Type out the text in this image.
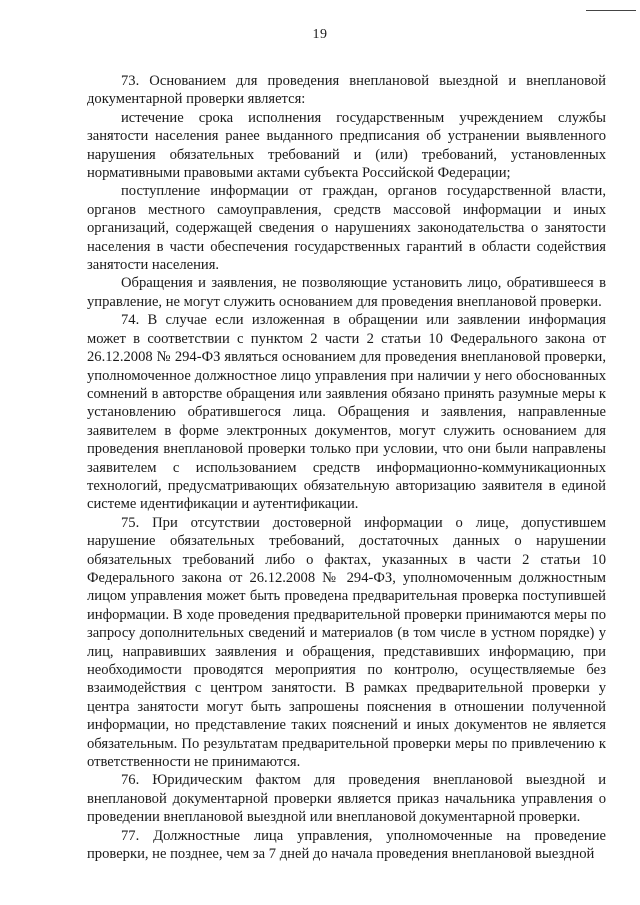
19

73. Основанием для проведения внеплановой выездной и внеплановой документарной проверки является:

истечение срока исполнения государственным учреждением службы занятости населения ранее выданного предписания об устранении выявленного нарушения обязательных требований и (или) требований, установленных нормативными правовыми актами субъекта Российской Федерации;

поступление информации от граждан, органов государственной власти, органов местного самоуправления, средств массовой информации и иных организаций, содержащей сведения о нарушениях законодательства о занятости населения в части обеспечения государственных гарантий в области содействия занятости населения.

Обращения и заявления, не позволяющие установить лицо, обратившееся в управление, не могут служить основанием для проведения внеплановой проверки.

74. В случае если изложенная в обращении или заявлении информация может в соответствии с пунктом 2 части 2 статьи 10 Федерального закона от 26.12.2008 № 294-ФЗ являться основанием для проведения внеплановой проверки, уполномоченное должностное лицо управления при наличии у него обоснованных сомнений в авторстве обращения или заявления обязано принять разумные меры к установлению обратившегося лица. Обращения и заявления, направленные заявителем в форме электронных документов, могут служить основанием для проведения внеплановой проверки только при условии, что они были направлены заявителем с использованием средств информационно-коммуникационных технологий, предусматривающих обязательную авторизацию заявителя в единой системе идентификации и аутентификации.

75. При отсутствии достоверной информации о лице, допустившем нарушение обязательных требований, достаточных данных о нарушении обязательных требований либо о фактах, указанных в части 2 статьи 10 Федерального закона от 26.12.2008 № 294-ФЗ, уполномоченным должностным лицом управления может быть проведена предварительная проверка поступившей информации. В ходе проведения предварительной проверки принимаются меры по запросу дополнительных сведений и материалов (в том числе в устном порядке) у лиц, направивших заявления и обращения, представивших информацию, при необходимости проводятся мероприятия по контролю, осуществляемые без взаимодействия с центром занятости. В рамках предварительной проверки у центра занятости могут быть запрошены пояснения в отношении полученной информации, но представление таких пояснений и иных документов не является обязательным. По результатам предварительной проверки меры по привлечению к ответственности не принимаются.

76. Юридическим фактом для проведения внеплановой выездной и внеплановой документарной проверки является приказ начальника управления о проведении внеплановой выездной или внеплановой документарной проверки.

77. Должностные лица управления, уполномоченные на проведение проверки, не позднее, чем за 7 дней до начала проведения внеплановой выездной
